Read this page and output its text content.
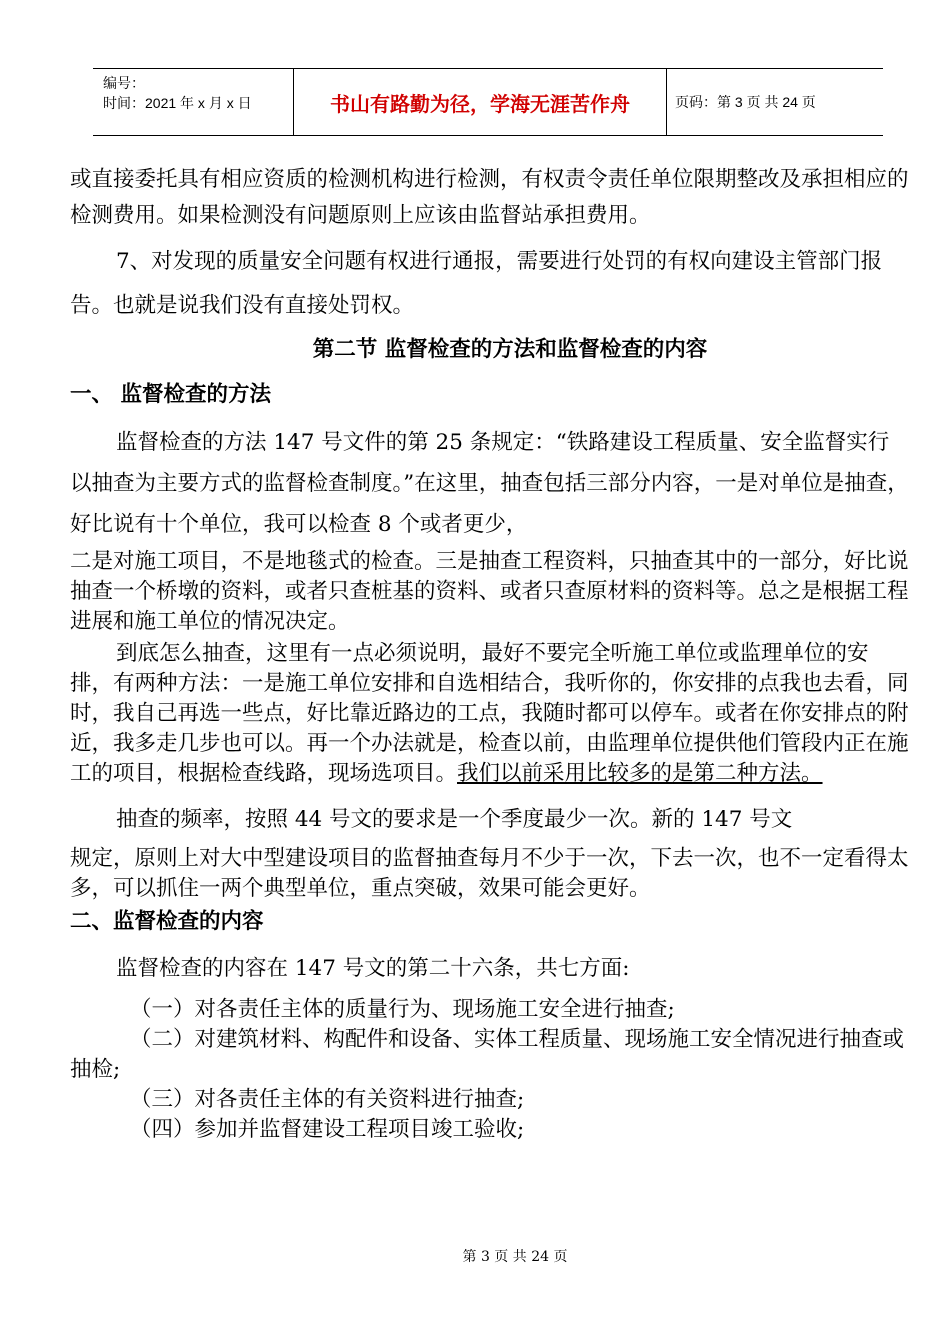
编号：
时间：2021 年 x 月 x 日	书山有路勤为径，学海无涯苦作舟	页码：第 3 页 共 24 页

或直接委托具有相应资质的检测机构进行检测，有权责令责任单位限期整改及承担相应的检测费用。如果检测没有问题原则上应该由监督站承担费用。

7、对发现的质量安全问题有权进行通报，需要进行处罚的有权向建设主管部门报告。也就是说我们没有直接处罚权。

第二节 监督检查的方法和监督检查的内容
一、 监督检查的方法

监督检查的方法 147 号文件的第 25 条规定：“铁路建设工程质量、安全监督实行以抽查为主要方式的监督检查制度。”在这里，抽查包括三部分内容，一是对单位是抽查，好比说有十个单位，我可以检查 8 个或者更少，

二是对施工项目，不是地毯式的检查。三是抽查工程资料，只抽查其中的一部分，好比说抽查一个桥墩的资料，或者只查桩基的资料、或者只查原材料的资料等。总之是根据工程进展和施工单位的情况决定。

到底怎么抽查，这里有一点必须说明，最好不要完全听施工单位或监理单位的安排，有两种方法：一是施工单位安排和自选相结合，我听你的，你安排的点我也去看，同时，我自己再选一些点，好比靠近路边的工点，我随时都可以停车。或者在你安排点的附近，我多走几步也可以。再一个办法就是，检查以前，由监理单位提供他们管段内正在施工的项目，根据检查线路，现场选项目。我们以前采用比较多的是第二种方法。

抽查的频率，按照 44 号文的要求是一个季度最少一次。新的 147 号文

规定，原则上对大中型建设项目的监督抽查每月不少于一次，下去一次，也不一定看得太多，可以抓住一两个典型单位，重点突破，效果可能会更好。

二、监督检查的内容

监督检查的内容在 147 号文的第二十六条，共七方面:

（一）对各责任主体的质量行为、现场施工安全进行抽查;

（二）对建筑材料、构配件和设备、实体工程质量、现场施工安全情况进行抽查或抽检;

（三）对各责任主体的有关资料进行抽查;

（四）参加并监督建设工程项目竣工验收;

第 3 页 共 24 页
